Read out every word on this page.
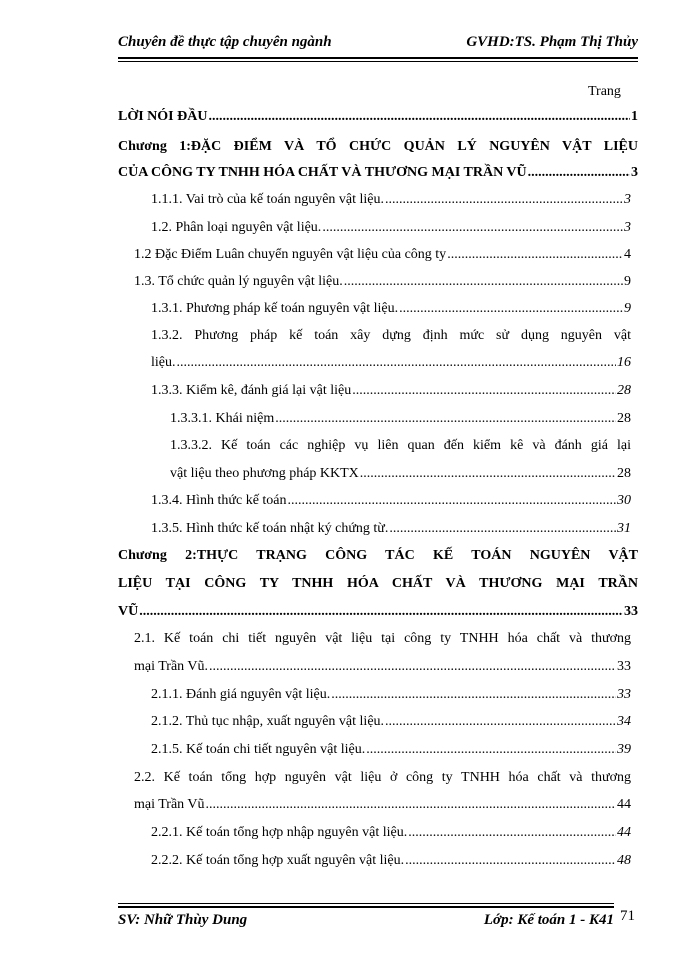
Chuyên đề thực tập chuyên ngành	GVHD:TS. Phạm Thị Thủy
Trang
LỜI NÓI ĐẦU .....	1
Chương 1:ĐẶC ĐIỂM VÀ TỔ CHỨC QUẢN LÝ NGUYÊN VẬT LIỆU
CỦA CÔNG TY TNHH HÓA CHẤT VÀ THƯƠNG MẠI TRẦN VŨ .....	3
1.1.1. Vai trò của kế toán nguyên vật liệu. .....	3
1.2. Phân loại nguyên vật liệu. .....	3
1.2 Đặc Điểm Luân chuyển nguyên vật liệu của công ty .....	4
1.3. Tổ chức quản lý nguyên vật liệu. .....	9
1.3.1. Phương pháp kế toán nguyên vật liệu. .....	9
1.3.2. Phương pháp kế toán xây dựng định mức sử dụng nguyên vật
liệu. .....	16
1.3.3. Kiểm kê, đánh giá lại vật liệu .....	28
1.3.3.1. Khái niệm .....	28
1.3.3.2. Kế toán các nghiệp vụ liên quan đến kiểm kê và đánh giá lại
vật liệu theo phương pháp KKTX .....	28
1.3.4. Hình thức kế toán .....	30
1.3.5. Hình thức kế toán nhật ký chứng từ. .....	31
Chương 2:THỰC TRẠNG CÔNG TÁC KẾ TOÁN NGUYÊN VẬT
LIỆU TẠI CÔNG TY TNHH HÓA CHẤT VÀ THƯƠNG MẠI TRẦN
VŨ .....	33
2.1. Kế toán chi tiết nguyên vật liệu tại công ty TNHH hóa chất và thương
mại Trần Vũ. .....	33
2.1.1. Đánh giá nguyên vật liệu. .....	33
2.1.2. Thủ tục nhập, xuất nguyên vật liệu. .....	34
2.1.5. Kế toán chi tiết nguyên vật liệu. .....	39
2.2. Kế toán tổng hợp nguyên vật liệu ở công ty TNHH hóa chất và thương
mại Trần Vũ .....	44
2.2.1. Kế toán tổng hợp nhập nguyên vật liệu. .....	44
2.2.2. Kế toán tổng hợp xuất nguyên vật liệu. .....	48
SV: Nhữ Thùy Dung	Lớp: Kế toán 1 - K41 71
